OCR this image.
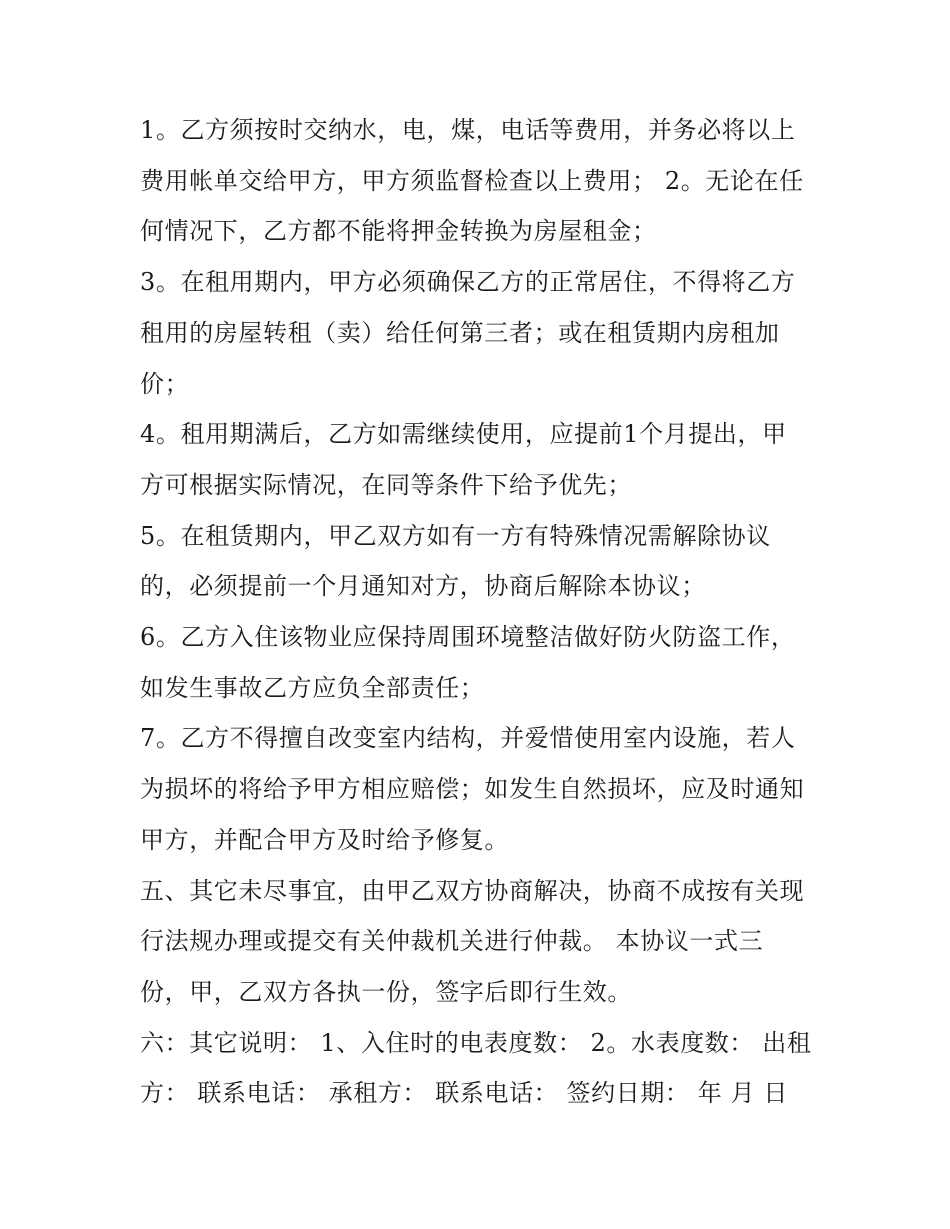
1。乙方须按时交纳水，电，煤，电话等费用，并务必将以上
费用帐单交给甲方，甲方须监督检查以上费用； 2。无论在任
何情况下，乙方都不能将押金转换为房屋租金；
3。在租用期内，甲方必须确保乙方的正常居住，不得将乙方
租用的房屋转租（卖）给任何第三者；或在租赁期内房租加
价；
4。租用期满后，乙方如需继续使用，应提前1个月提出，甲
方可根据实际情况，在同等条件下给予优先；
5。在租赁期内，甲乙双方如有一方有特殊情况需解除协议
的，必须提前一个月通知对方，协商后解除本协议；
6。乙方入住该物业应保持周围环境整洁做好防火防盗工作，
如发生事故乙方应负全部责任；
7。乙方不得擅自改变室内结构，并爱惜使用室内设施，若人
为损坏的将给予甲方相应赔偿；如发生自然损坏，应及时通知
甲方，并配合甲方及时给予修复。
五、其它未尽事宜，由甲乙双方协商解决，协商不成按有关现
行法规办理或提交有关仲裁机关进行仲裁。 本协议一式三
份，甲，乙双方各执一份，签字后即行生效。
六：其它说明： 1、入住时的电表度数： 2。水表度数： 出租
方： 联系电话： 承租方： 联系电话： 签约日期： 年 月 日
